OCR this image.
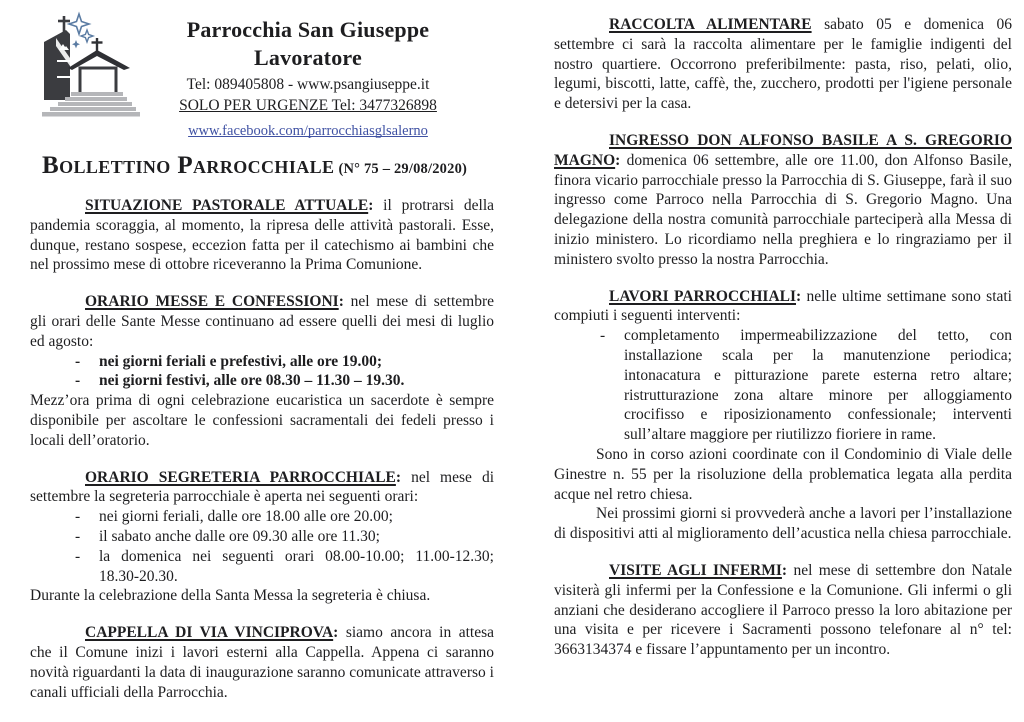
Parrocchia San Giuseppe Lavoratore
Tel: 089405808 - www.psangiuseppe.it
SOLO PER URGENZE Tel: 3477326898
www.facebook.com/parrocchiasglsalerno
Bollettino Parrocchiale (N° 75 – 29/08/2020)

SITUAZIONE PASTORALE ATTUALE: il protrarsi della pandemia scoraggia, al momento, la ripresa delle attività pastorali. Esse, dunque, restano sospese, eccezion fatta per il catechismo ai bambini che nel prossimo mese di ottobre riceveranno la Prima Comunione.

ORARIO MESSE E CONFESSIONI: nel mese di settembre gli orari delle Sante Messe continuano ad essere quelli dei mesi di luglio ed agosto:

-	nei giorni feriali e prefestivi, alle ore 19.00;
-	nei giorni festivi, alle ore 08.30 – 11.30 – 19.30.

Mezz’ora prima di ogni celebrazione eucaristica un sacerdote è sempre disponibile per ascoltare le confessioni sacramentali dei fedeli presso i locali dell’oratorio.

ORARIO SEGRETERIA PARROCCHIALE: nel mese di settembre la segreteria parrocchiale è aperta nei seguenti orari:

-	nei giorni feriali, dalle ore 18.00 alle ore 20.00;
-	il sabato anche dalle ore 09.30 alle ore 11.30;
-	la domenica nei seguenti orari 08.00-10.00; 11.00-12.30; 18.30-20.30.

Durante la celebrazione della Santa Messa la segreteria è chiusa.

CAPPELLA DI VIA VINCIPROVA: siamo ancora in attesa che il Comune inizi i lavori esterni alla Cappella. Appena ci saranno novità riguardanti la data di inaugurazione saranno comunicate attraverso i canali ufficiali della Parrocchia.

RACCOLTA ALIMENTARE sabato 05 e domenica 06 settembre ci sarà la raccolta alimentare per le famiglie indigenti del nostro quartiere. Occorrono preferibilmente: pasta, riso, pelati, olio, legumi, biscotti, latte, caffè, the, zucchero, prodotti per l'igiene personale e detersivi per la casa.

INGRESSO DON ALFONSO BASILE A S. GREGORIO MAGNO: domenica 06 settembre, alle ore 11.00, don Alfonso Basile, finora vicario parrocchiale presso la Parrocchia di S. Giuseppe, farà il suo ingresso come Parroco nella Parrocchia di S. Gregorio Magno. Una delegazione della nostra comunità parrocchiale parteciperà alla Messa di inizio ministero. Lo ricordiamo nella preghiera e lo ringraziamo per il ministero svolto presso la nostra Parrocchia.

LAVORI PARROCCHIALI: nelle ultime settimane sono stati compiuti i seguenti interventi:

-	completamento impermeabilizzazione del tetto, con installazione scala per la manutenzione periodica; intonacatura e pitturazione parete esterna retro altare; ristrutturazione zona altare minore per alloggiamento crocifisso e riposizionamento confessionale; interventi sull’altare maggiore per riutilizzo fioriere in rame.

Sono in corso azioni coordinate con il Condominio di Viale delle Ginestre n. 55 per la risoluzione della problematica legata alla perdita acque nel retro chiesa.

Nei prossimi giorni si provvederà anche a lavori per l’installazione di dispositivi atti al miglioramento dell’acustica nella chiesa parrocchiale.

VISITE AGLI INFERMI: nel mese di settembre don Natale visiterà gli infermi per la Confessione e la Comunione. Gli infermi o gli anziani che desiderano accogliere il Parroco presso la loro abitazione per una visita e per ricevere i Sacramenti possono telefonare al n° tel: 3663134374 e fissare l’appuntamento per un incontro.
